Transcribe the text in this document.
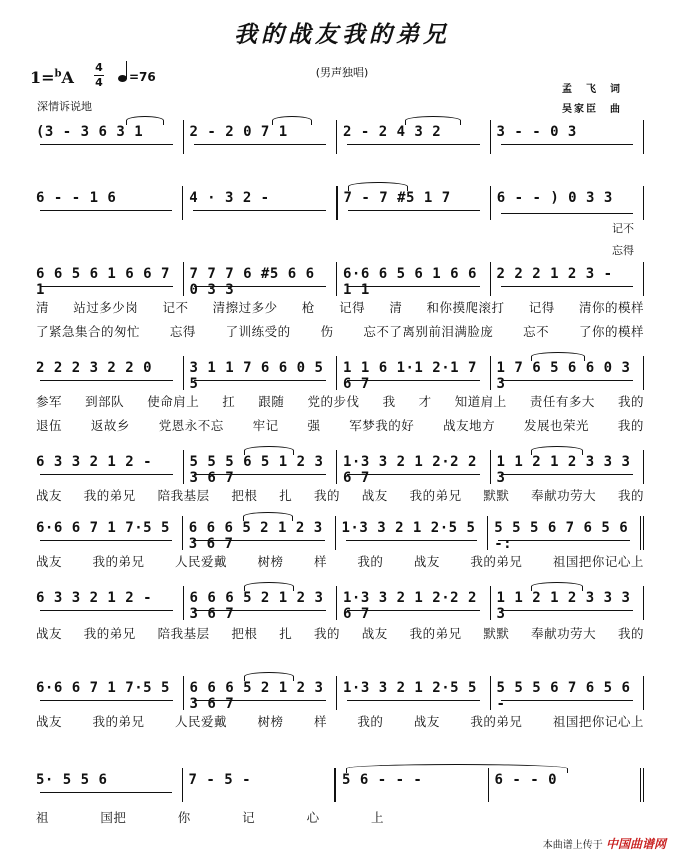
我的战友我的弟兄
(男声独唱)
1=$^b$A
4
4	=76
深情诉说地
孟　飞　词
吴家臣　曲
(3 - 3 6 3 1	2 - 2 0 7 1	2 - 2 4 3 2	3 - - 0 3
6 - - 1 6	4 · 3 2 -	7 - 7 #5 1 7	6 - - ) 0 3 3
记不
忘得
6 6 5 6 1 6 6 7 1
7 7 7 6 #5 6 6 0 3 3
6·6 6 5 6 1 6 6 1 1
2 2 2 1 2 3 -
清 站过多少岗 记不 清擦过多少 枪 记得 清 和你摸爬滚打 记得 清你的模样
了紧急集合的匆忙 忘得 了训练受的 伤 忘不了离别前泪满脸庞 忘不 了你的模样
2 2 2 3 2 2 0	3 1 1 7 6 6 0 5 5
1 1 6 1·1 2·1 7 6 7
1 7 6 5 6 6 0 3 3
参军 到部队 使命肩上 扛 跟随 党的步伐 我 才 知道肩上 责任有多大 我的
退伍 返故乡 党恩永不忘 牢记 强 军梦我的好 战友地方 发展也荣光 我的
6 3 3 2 1 2 -	5 5 5 6 5 1 2 3 3 6 7
1·3 3 2 1 2·2 2 6 7
1 1 2 1 2 3 3 3 3
战友 我的弟兄 陪我基层 把根 扎 我的 战友 我的弟兄 默默 奉献功劳大 我的
6·6 6 7 1 7·5 5	6 6 6 5 2 1 2 3 3 6 7
1·3 3 2 1 2·5 5	5 5 5 6 7 6 5 6 -:
战友 我的弟兄 人民爱戴 树榜 样 我的 战友 我的弟兄 祖国把你记心上
6 3 3 2 1 2 -	6 6 6 5 2 1 2 3 3 6 7
1·3 3 2 1 2·2 2 6 7
1 1 2 1 2 3 3 3 3
战友 我的弟兄 陪我基层 把根 扎 我的 战友 我的弟兄 默默 奉献功劳大 我的
6·6 6 7 1 7·5 5	6 6 6 5 2 1 2 3 3 6 7
1·3 3 2 1 2·5 5	5 5 5 6 7 6 5 6 -
战友 我的弟兄 人民爱戴 树榜 样 我的 战友 我的弟兄 祖国把你记心上
5· 5 5 6	7 - 5 -	5 6 - - -	6 - - 0
祖	国把	你	记	心	上
本曲谱上传于 中国曲谱网
